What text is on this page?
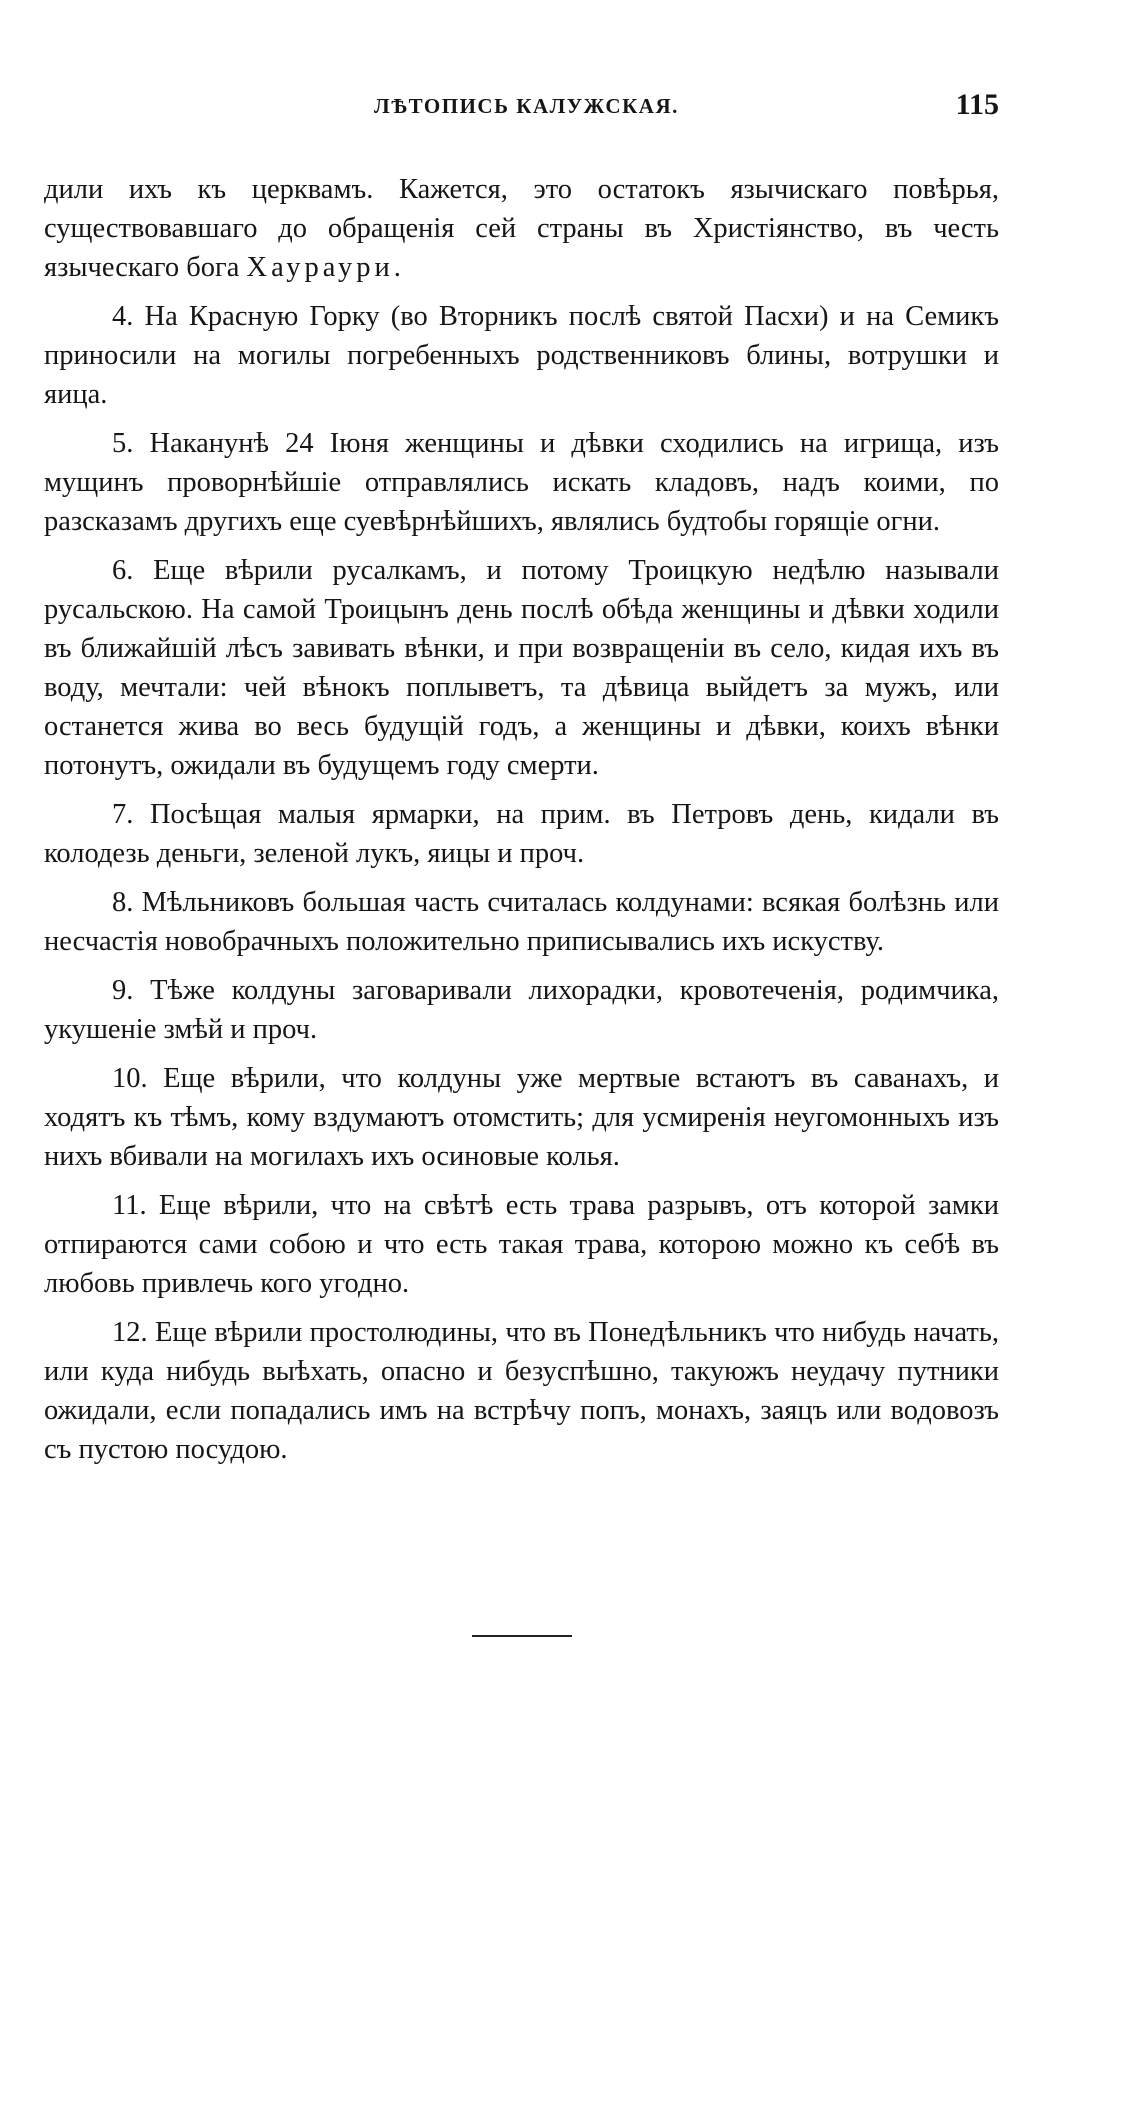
ЛѢТОПИСЬ КАЛУЖСКАЯ.	115

дили ихъ къ церквамъ. Кажется, это остатокъ язычискаго повѣрья, существовавшаго до обращенія сей страны въ Христіянство, въ честь языческаго бога Хаураури.

4. На Красную Горку (во Вторникъ послѣ святой Пасхи) и на Семикъ приносили на могилы погребенныхъ родственниковъ блины, вотрушки и яица.

5. Наканунѣ 24 Іюня женщины и дѣвки сходились на игрища, изъ мущинъ проворнѣйшіе отправлялись искать кладовъ, надъ коими, по разсказамъ другихъ еще суевѣрнѣйшихъ, являлись будтобы горящіе огни.

6. Еще вѣрили русалкамъ, и потому Троицкую недѣлю называли русальскою. На самой Троицынъ день послѣ обѣда женщины и дѣвки ходили въ ближайшій лѣсъ завивать вѣнки, и при возвращеніи въ село, кидая ихъ въ воду, мечтали: чей вѣнокъ поплыветъ, та дѣвица выйдетъ за мужъ, или останется жива во весь будущій годъ, а женщины и дѣвки, коихъ вѣнки потонутъ, ожидали въ будущемъ году смерти.

7. Посѣщая малыя ярмарки, на прим. въ Петровъ день, кидали въ колодезь деньги, зеленой лукъ, яицы и проч.

8. Мѣльниковъ большая часть считалась колдунами: всякая болѣзнь или несчастія новобрачныхъ положительно приписывались ихъ искуству.

9. Тѣже колдуны заговаривали лихорадки, кровотеченія, родимчика, укушеніе змѣй и проч.

10. Еще вѣрили, что колдуны уже мертвые встаютъ въ саванахъ, и ходятъ къ тѣмъ, кому вздумаютъ отомстить; для усмиренія неугомонныхъ изъ нихъ вбивали на могилахъ ихъ осиновые колья.

11. Еще вѣрили, что на свѣтѣ есть трава разрывъ, отъ которой замки отпираются сами собою и что есть такая трава, которою можно къ себѣ въ любовь привлечь кого угодно.

12. Еще вѣрили простолюдины, что въ Понедѣльникъ что нибудь начать, или куда нибудь выѣхать, опасно и безуспѣшно, такуюжъ неудачу путники ожидали, если попадались имъ на встрѣчу попъ, монахъ, заяцъ или водовозъ съ пустою посудою.
